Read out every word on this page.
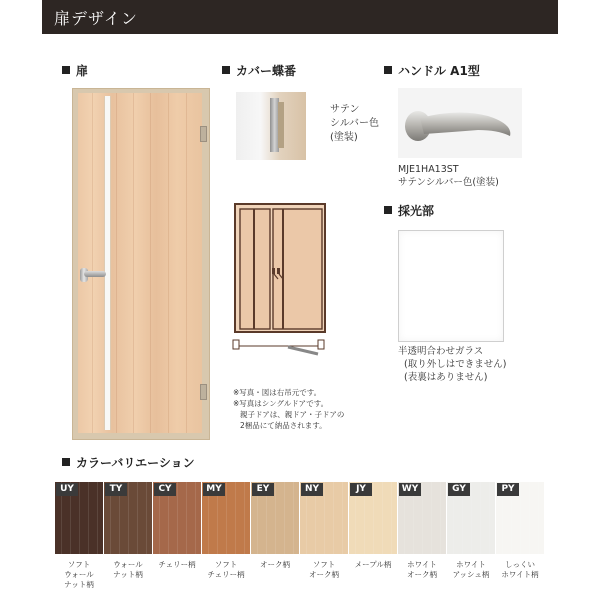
扉デザイン
扉	カバー蝶番	ハンドル A1型
採光部
カラーバリエーション
サテン
シルバー色
(塗装)
※写真・図は右吊元です。
※写真はシングルドアです。
親子ドアは、親ドア・子ドアの
2梱品にて納品されます。
MJE1HA13ST
サテンシルバー色(塗装)
半透明合わせガラス
(取り外しはできません)
(表裏はありません)
UY	TY	CY	MY	EY	NY	JY	WY	GY	PY
ソフト
ウォール
ナット柄
ウォール
ナット柄
チェリー柄	ソフト
チェリー柄
オーク柄	ソフト
オーク柄
メープル柄	ホワイト
オーク柄
ホワイト
アッシュ柄
しっくい
ホワイト柄
